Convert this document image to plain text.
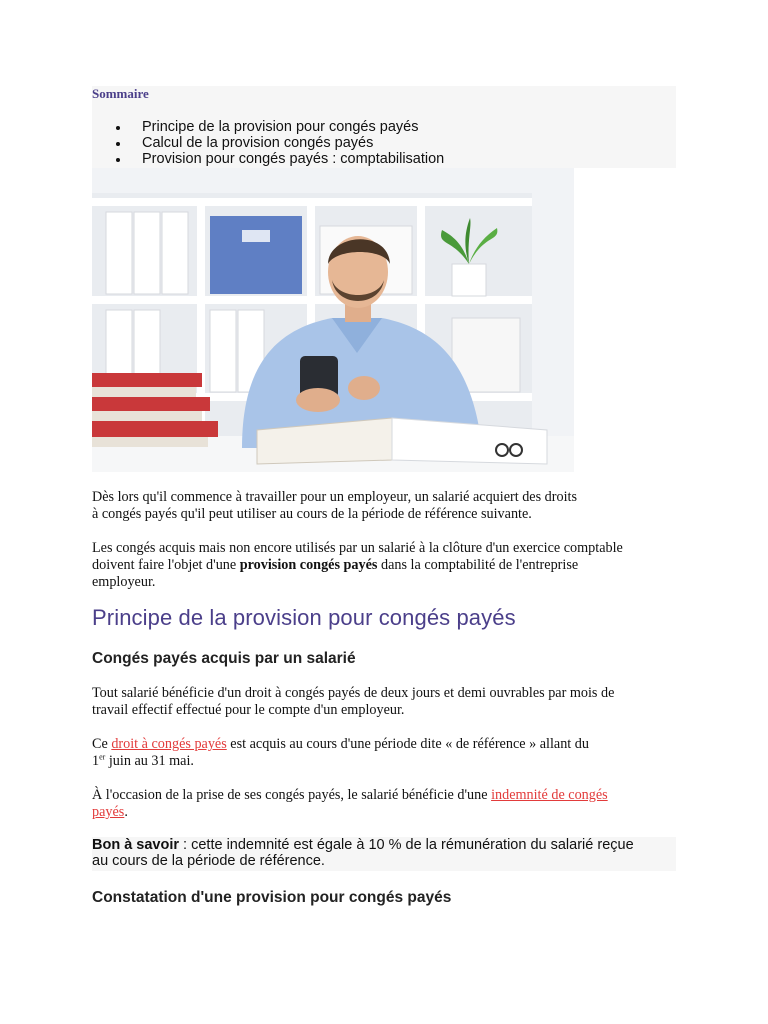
Sommaire
Principe de la provision pour congés payés
Calcul de la provision congés payés
Provision pour congés payés : comptabilisation
Dès lors qu'il commence à travailler pour un employeur, un salarié acquiert des droits
à congés payés qu'il peut utiliser au cours de la période de référence suivante.
Les congés acquis mais non encore utilisés par un salarié à la clôture d'un exercice comptable
doivent faire l'objet d'une provision congés payés dans la comptabilité de l'entreprise
employeur.
Principe de la provision pour congés payés
Congés payés acquis par un salarié
Tout salarié bénéficie d'un droit à congés payés de deux jours et demi ouvrables par mois de
travail effectif effectué pour le compte d'un employeur.
Ce droit à congés payés est acquis au cours d'une période dite « de référence » allant du
1er juin au 31 mai.
À l'occasion de la prise de ses congés payés, le salarié bénéficie d'une indemnité de congés
payés.
Bon à savoir : cette indemnité est égale à 10 % de la rémunération du salarié reçue
au cours de la période de référence.
Constatation d'une provision pour congés payés
